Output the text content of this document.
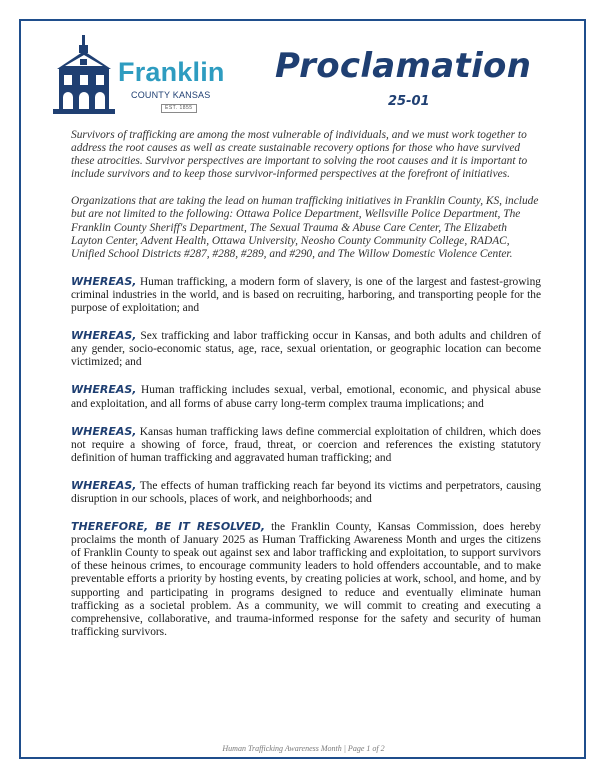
Franklin
COUNTY KANSAS
EST. 1855
Proclamation
25-01

Survivors of trafficking are among the most vulnerable of individuals, and we must work together to address the root causes as well as create sustainable recovery options for those who have survived these atrocities. Survivor perspectives are important to solving the root causes and it is important to include survivors and to keep those survivor-informed perspectives at the forefront of initiatives.

Organizations that are taking the lead on human trafficking initiatives in Franklin County, KS, include but are not limited to the following: Ottawa Police Department, Wellsville Police Department, The Franklin County Sheriff's Department, The Sexual Trauma & Abuse Care Center, The Elizabeth Layton Center, Advent Health, Ottawa University, Neosho County Community College, RADAC, Unified School Districts #287, #288, #289, and #290, and The Willow Domestic Violence Center.

WHEREAS, Human trafficking, a modern form of slavery, is one of the largest and fastest-growing criminal industries in the world, and is based on recruiting, harboring, and transporting people for the purpose of exploitation; and

WHEREAS, Sex trafficking and labor trafficking occur in Kansas, and both adults and children of any gender, socio-economic status, age, race, sexual orientation, or geographic location can become victimized; and

WHEREAS, Human trafficking includes sexual, verbal, emotional, economic, and physical abuse and exploitation, and all forms of abuse carry long-term complex trauma implications; and

WHEREAS, Kansas human trafficking laws define commercial exploitation of children, which does not require a showing of force, fraud, threat, or coercion and references the existing statutory definition of human trafficking and aggravated human trafficking; and

WHEREAS, The effects of human trafficking reach far beyond its victims and perpetrators, causing disruption in our schools, places of work, and neighborhoods; and

THEREFORE, BE IT RESOLVED, the Franklin County, Kansas Commission, does hereby proclaims the month of January 2025 as Human Trafficking Awareness Month and urges the citizens of Franklin County to speak out against sex and labor trafficking and exploitation, to support survivors of these heinous crimes, to encourage community leaders to hold offenders accountable, and to make preventable efforts a priority by hosting events, by creating policies at work, school, and home, and by supporting and participating in programs designed to reduce and eventually eliminate human trafficking as a societal problem. As a community, we will commit to creating and executing a comprehensive, collaborative, and trauma-informed response for the safety and security of human trafficking survivors.

Human Trafficking Awareness Month | Page 1 of 2
